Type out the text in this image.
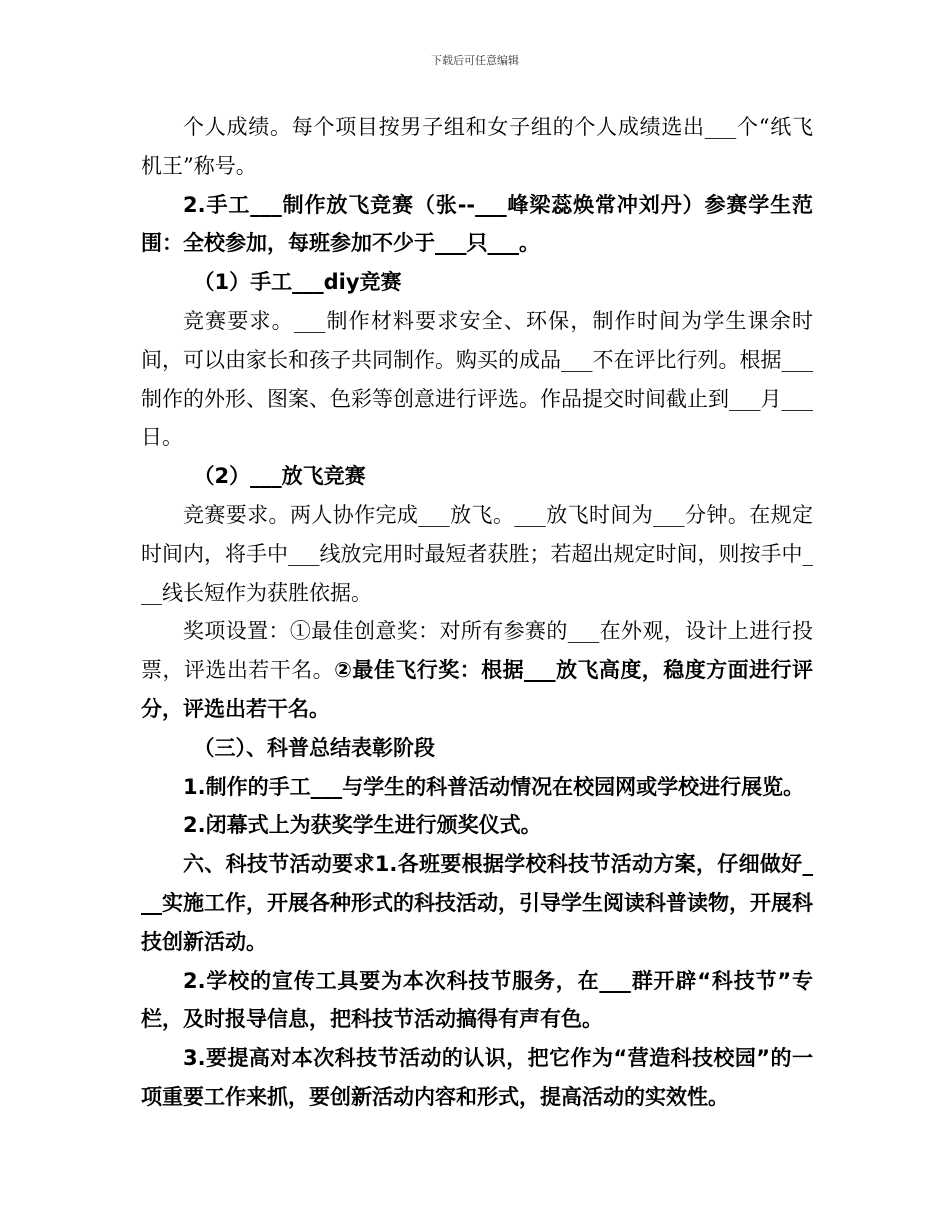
下载后可任意编辑

个人成绩。每个项目按男子组和女子组的个人成绩选出___个“纸飞机王”称号。

2.手工___制作放飞竞赛（张--___峰梁蕊焕常冲刘丹）参赛学生范围：全校参加，每班参加不少于___只___。

（1）手工___diy竞赛

竞赛要求。___制作材料要求安全、环保，制作时间为学生课余时间，可以由家长和孩子共同制作。购买的成品___不在评比行列。根据___制作的外形、图案、色彩等创意进行评选。作品提交时间截止到___月___日。

（2）___放飞竞赛

竞赛要求。两人协作完成___放飞。___放飞时间为___分钟。在规定时间内，将手中___线放完用时最短者获胜；若超出规定时间，则按手中___线长短作为获胜依据。

奖项设置：①最佳创意奖：对所有参赛的___在外观，设计上进行投票，评选出若干名。②最佳飞行奖：根据___放飞高度，稳度方面进行评分，评选出若干名。

（三）、科普总结表彰阶段

1.制作的手工___与学生的科普活动情况在校园网或学校进行展览。

2.闭幕式上为获奖学生进行颁奖仪式。

六、科技节活动要求1.各班要根据学校科技节活动方案，仔细做好___实施工作，开展各种形式的科技活动，引导学生阅读科普读物，开展科技创新活动。

2.学校的宣传工具要为本次科技节服务，在___群开辟“科技节”专栏，及时报导信息，把科技节活动搞得有声有色。

3.要提高对本次科技节活动的认识，把它作为“营造科技校园”的一项重要工作来抓，要创新活动内容和形式，提高活动的实效性。
